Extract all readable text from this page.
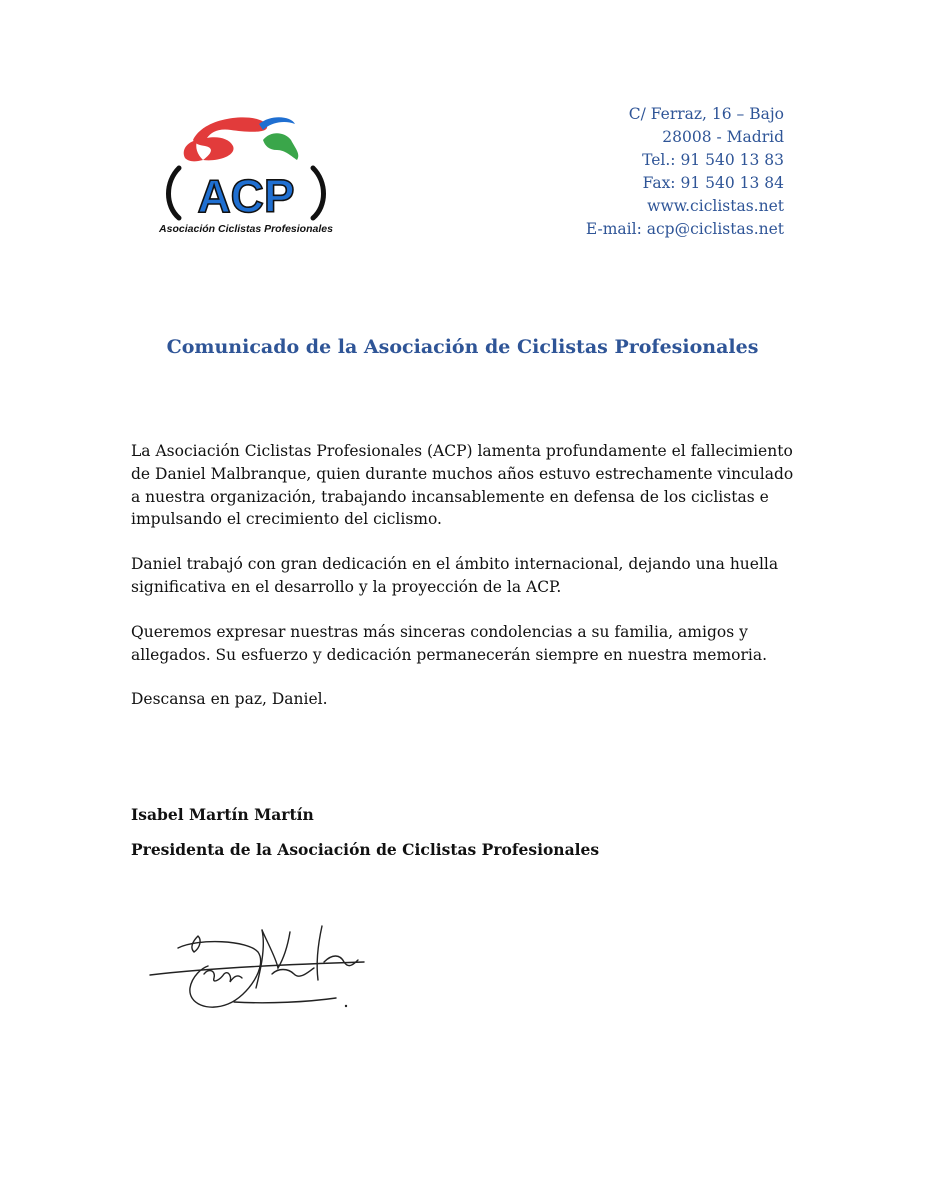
ACP
Asociación Ciclistas Profesionales
C/ Ferraz, 16 – Bajo
28008 - Madrid
Tel.: 91 540 13 83
Fax: 91 540 13 84
www.ciclistas.net
E-mail: acp@ciclistas.net
Comunicado de la Asociación de Ciclistas Profesionales

La Asociación Ciclistas Profesionales (ACP) lamenta profundamente el fallecimiento de Daniel Malbranque, quien durante muchos años estuvo estrechamente vinculado a nuestra organización, trabajando incansablemente en defensa de los ciclistas e impulsando el crecimiento del ciclismo.

Daniel trabajó con gran dedicación en el ámbito internacional, dejando una huella significativa en el desarrollo y la proyección de la ACP.

Queremos expresar nuestras más sinceras condolencias a su familia, amigos y allegados. Su esfuerzo y dedicación permanecerán siempre en nuestra memoria.

Descansa en paz, Daniel.

Isabel Martín Martín
Presidenta de la Asociación de Ciclistas Profesionales
